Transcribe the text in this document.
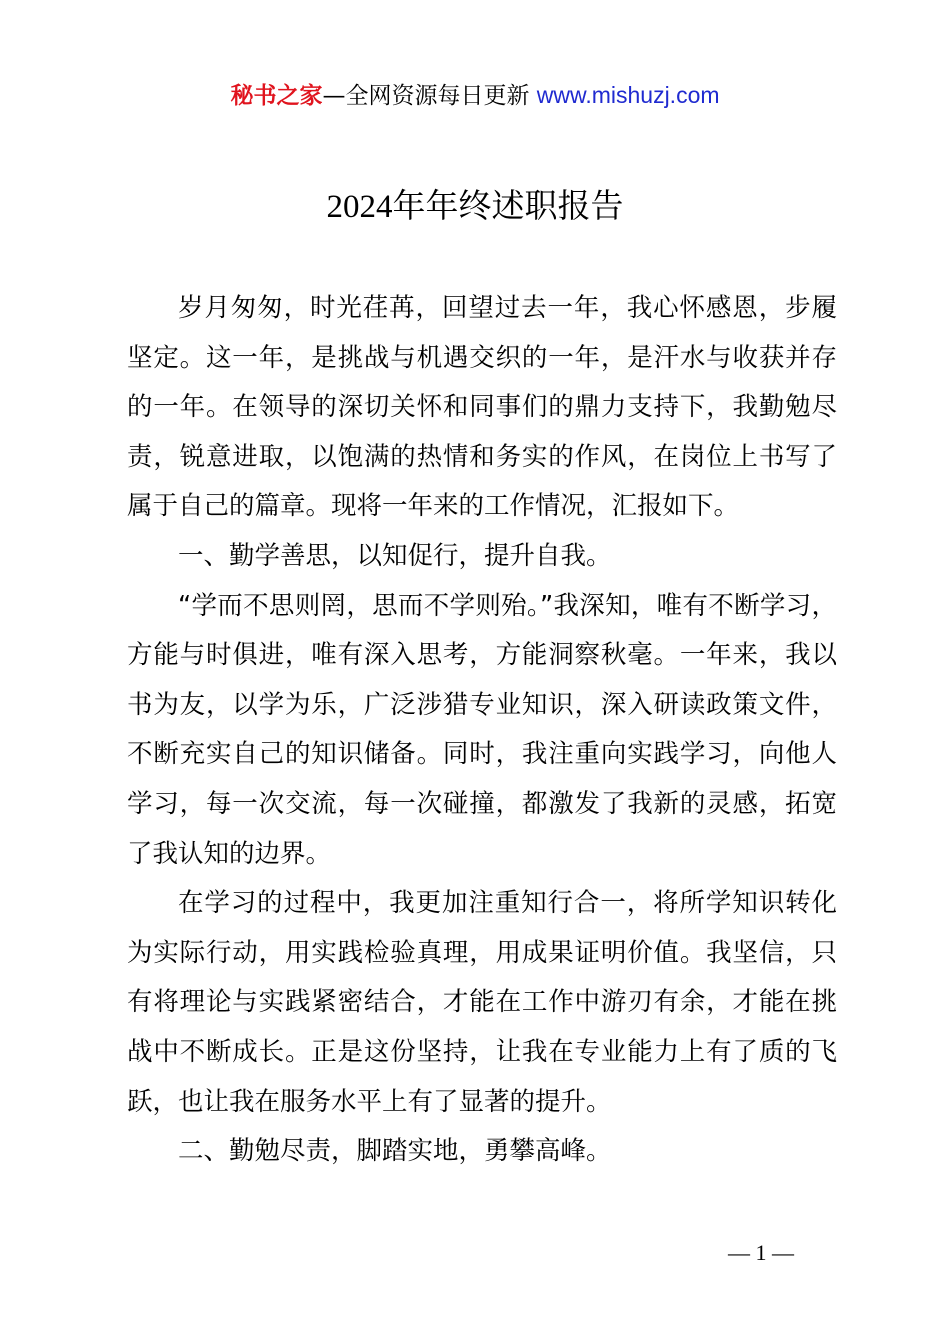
秘书之家—全网资源每日更新 www.mishuzj.com
2024年年终述职报告

岁月匆匆，时光荏苒，回望过去一年，我心怀感恩，步履坚定。这一年，是挑战与机遇交织的一年，是汗水与收获并存的一年。在领导的深切关怀和同事们的鼎力支持下，我勤勉尽责，锐意进取，以饱满的热情和务实的作风，在岗位上书写了属于自己的篇章。现将一年来的工作情况，汇报如下。

一、勤学善思，以知促行，提升自我。

“学而不思则罔，思而不学则殆。”我深知，唯有不断学习，方能与时俱进，唯有深入思考，方能洞察秋毫。一年来，我以书为友，以学为乐，广泛涉猎专业知识，深入研读政策文件，不断充实自己的知识储备。同时，我注重向实践学习，向他人学习，每一次交流，每一次碰撞，都激发了我新的灵感，拓宽了我认知的边界。

在学习的过程中，我更加注重知行合一，将所学知识转化为实际行动，用实践检验真理，用成果证明价值。我坚信，只有将理论与实践紧密结合，才能在工作中游刃有余，才能在挑战中不断成长。正是这份坚持，让我在专业能力上有了质的飞跃，也让我在服务水平上有了显著的提升。

二、勤勉尽责，脚踏实地，勇攀高峰。

— 1 —
